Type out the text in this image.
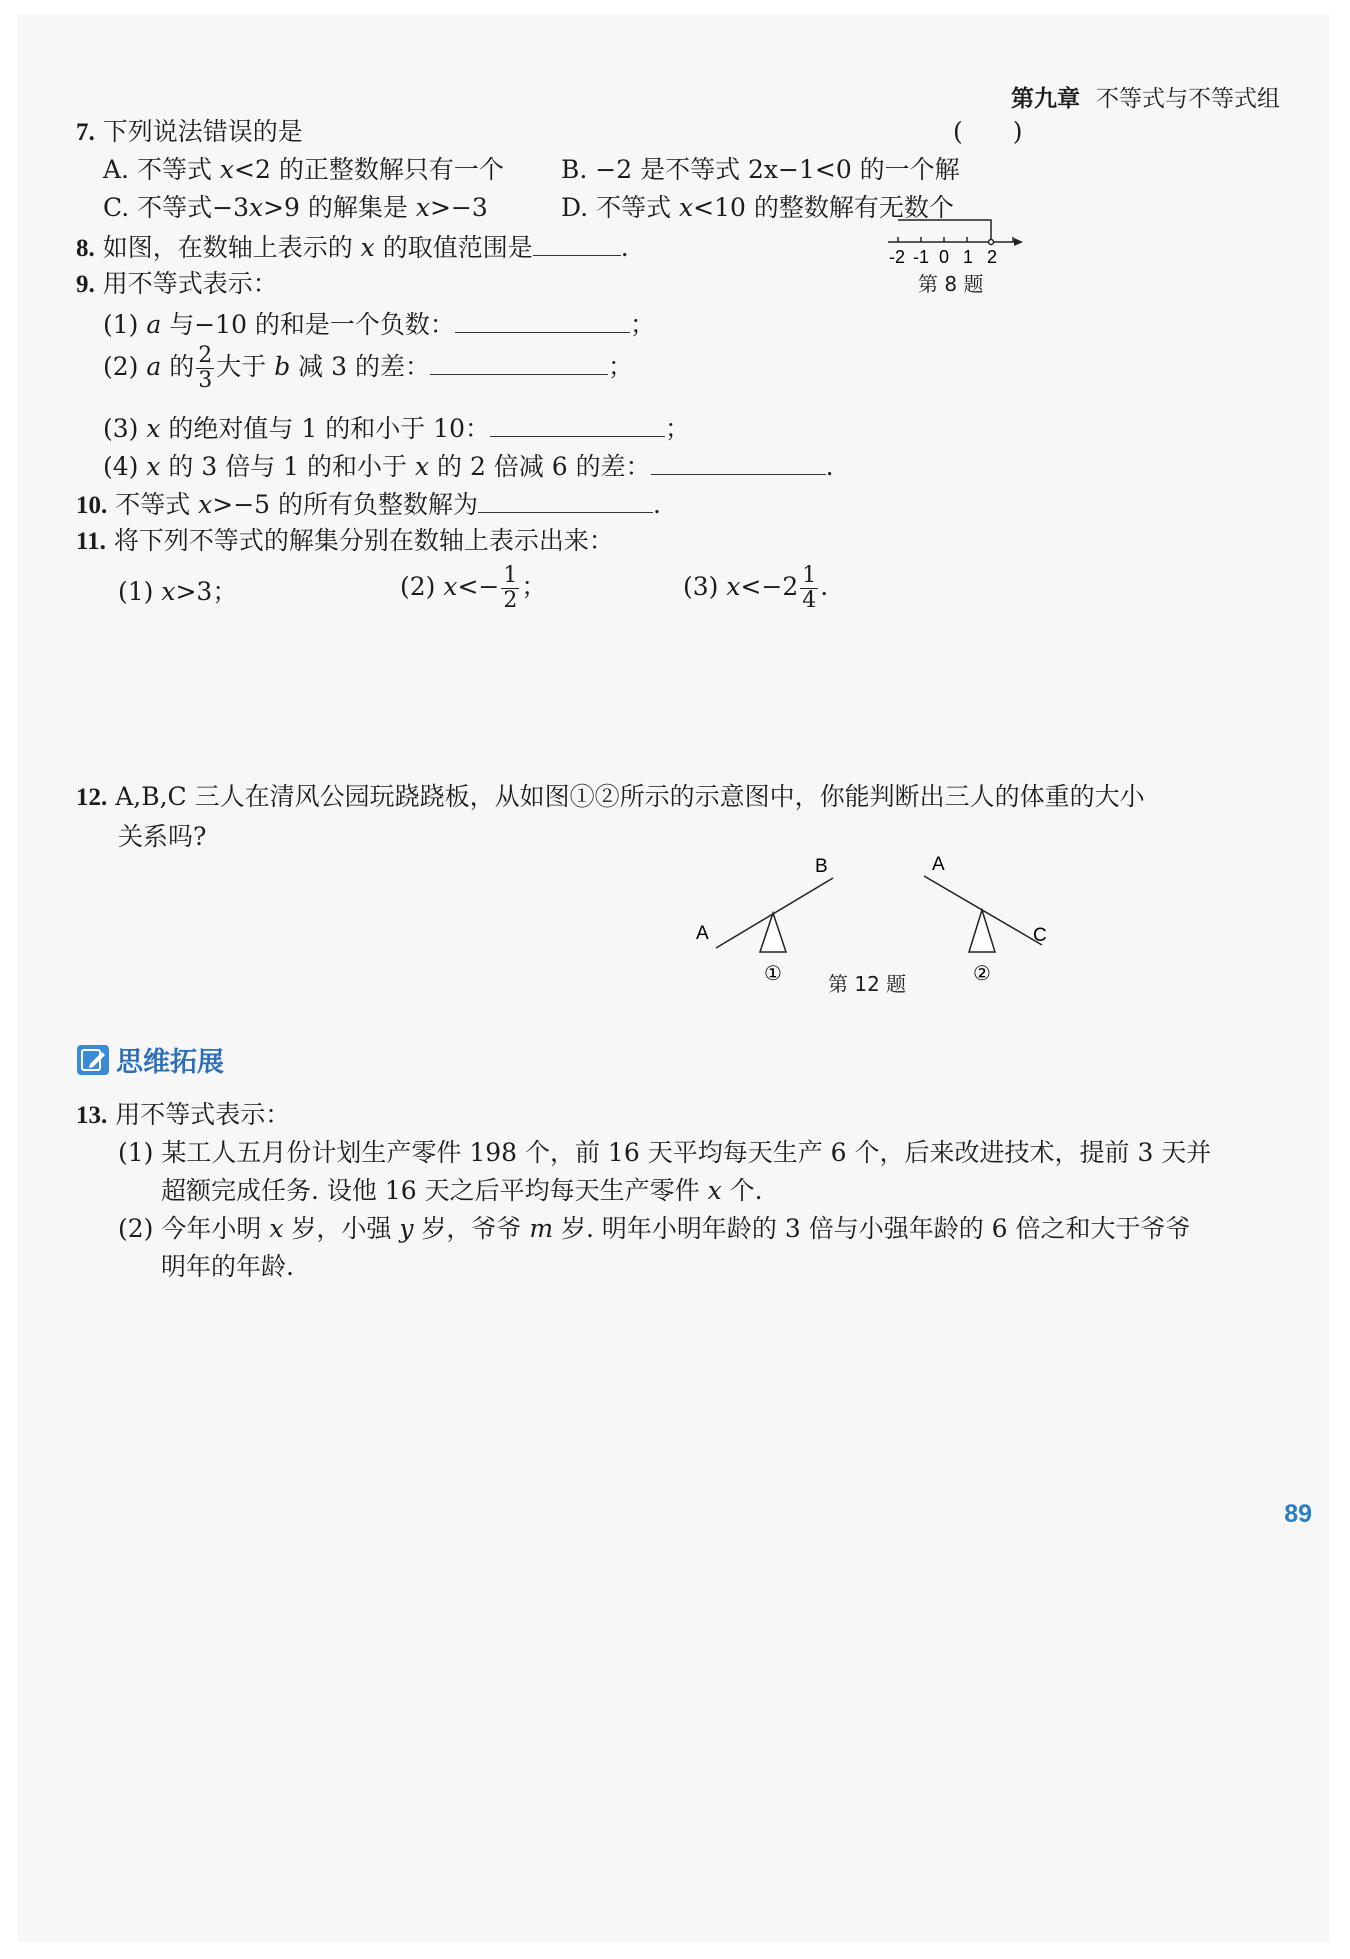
第九章 不等式与不等式组
7. 下列说法错误的是	(　　)
A. 不等式 x<2 的正整数解只有一个 B. −2 是不等式 2x−1<0 的一个解
C. 不等式−3x>9 的解集是 x>−3	D. 不等式 x<10 的整数解有无数个
8. 如图，在数轴上表示的 x 的取值范围是	.	-2 -1 0 1 2
第 8 题
9. 用不等式表示：
(1) a 与−10 的和是一个负数：	；
(2) a 的 $\frac{2}{3}$ 大于 b 减 3 的差：	；
(3) x 的绝对值与 1 的和小于 10：	；
(4) x 的 3 倍与 1 的和小于 x 的 2 倍减 6 的差：	.
10. 不等式 x>−5 的所有负整数解为	.
11. 将下列不等式的解集分别在数轴上表示出来：
(1) x>3；	(2) $x<- \frac{1}{2}$ ；	(3) $x<-2 \frac{1}{4}$ .
12. A,B,C 三人在清风公园玩跷跷板，从如图①②所示的示意图中，你能判断出三人的体重的大小
关系吗?
A
B
①
A
C
②
第 12 题
思维拓展
13. 用不等式表示：
(1) 某工人五月份计划生产零件 198 个，前 16 天平均每天生产 6 个，后来改进技术，提前 3 天并
超额完成任务. 设他 16 天之后平均每天生产零件 x 个.
(2) 今年小明 x 岁，小强 y 岁，爷爷 m 岁. 明年小明年龄的 3 倍与小强年龄的 6 倍之和大于爷爷
明年的年龄.
89
